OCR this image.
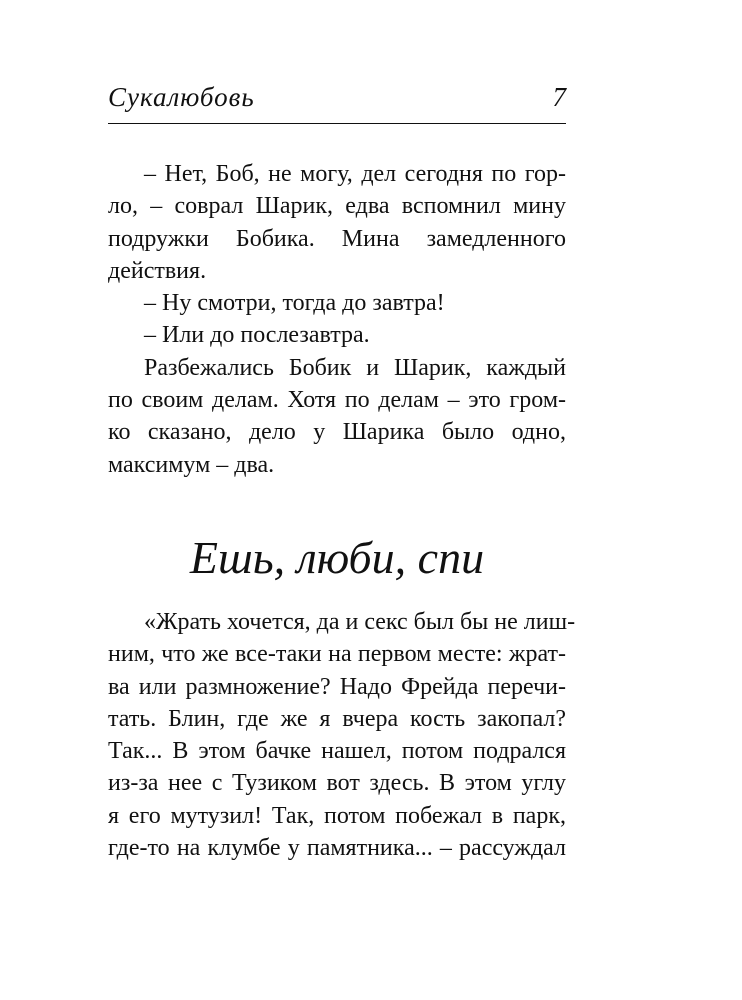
Сукалюбовь	7
– Нет, Боб, не могу, дел сегодня по гор-
ло, – соврал Шарик, едва вспомнил мину
подружки Бобика. Мина замедленного
действия.
– Ну смотри, тогда до завтра!
– Или до послезавтра.
Разбежались Бобик и Шарик, каждый
по своим делам. Хотя по делам – это гром-
ко сказано, дело у Шарика было одно,
максимум – два.
Ешь, люби, спи
«Жрать хочется, да и секс был бы не лиш-
ним, что же все-таки на первом месте: жрат-
ва или размножение? Надо Фрейда перечи-
тать. Блин, где же я вчера кость закопал?
Так... В этом бачке нашел, потом подрался
из-за нее с Тузиком вот здесь. В этом углу
я его мутузил! Так, потом побежал в парк,
где-то на клумбе у памятника... – рассуждал
